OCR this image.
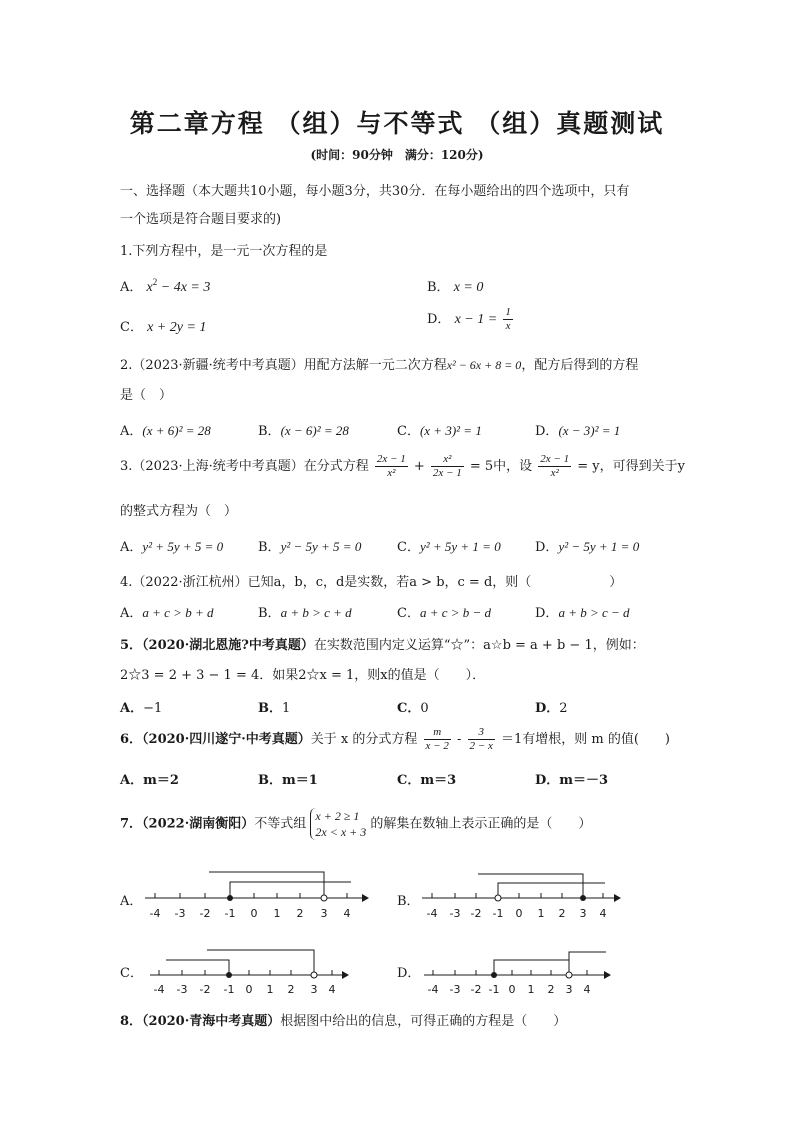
第二章方程 （组）与不等式 （组）真题测试
(时间：90分钟　满分：120分)
一、选择题（本大题共10小题，每小题3分，共30分．在每小题给出的四个选项中，只有
一个选项是符合题目要求的)
1.下列方程中，是一元一次方程的是
A． $x^2 - 4x = 3$	B． x = 0
C． x + 2y = 1
D． $x - 1 = \frac{1}{x}$
2.（2023·新疆·统考中考真题）用配方法解一元二次方程x² − 6x + 8 = 0，配方后得到的方程
是（　）
A．(x + 6)² = 28	B．(x − 6)² = 28	C．(x + 3)² = 1	D．(x − 3)² = 1
3.（2023·上海·统考中考真题）在分式方程 $\frac{2x - 1}{\text{x²}} + \frac{\text{x²}}{2x - 1} = 5$中，设 $\frac{2x - 1}{\text{x²}} = y$，可得到关于y
的整式方程为（　）
A．y² + 5y + 5 = 0	B．y² − 5y + 5 = 0	C．y² + 5y + 1 = 0	D．y² − 5y + 1 = 0
4.（2022·浙江杭州）已知a，b，c，d是实数，若a > b，c = d，则（　　　　　　）
A．a + c > b + d	B．a + b > c + d	C．a + c > b − d	D．a + b > c − d
5．（2020·湖北恩施?中考真题）在实数范围内定义运算“☆”：a☆b = a + b − 1，例如：
2☆3 = 2 + 3 − 1 = 4．如果2☆x = 1，则x的值是（　　）．
A．−1	B．1	C．0	D．2
6．（2020·四川遂宁·中考真题）关于 x 的分式方程 $\frac{m}{x - 2} - \frac{3}{2 - x} =1$有增根，则 m 的值(　　)
A．m＝2	B．m＝1	C．m＝3	D．m＝－3
7．（2022·湖南衡阳）不等式组
x + 2 ≥ 1
2x < x + 3
的解集在数轴上表示正确的是（　　）
A．	B．
C．	D．
-4 -3 -2 -1 0 1 2 3 4	-4 -3 -2 -1 0 1 2 3 4
-4 -3 -2 -1 0 1 2 3 4	-4 -3 -2 -1 0 1 2 3 4
8．（2020·青海中考真题）根据图中给出的信息，可得正确的方程是（　　）
